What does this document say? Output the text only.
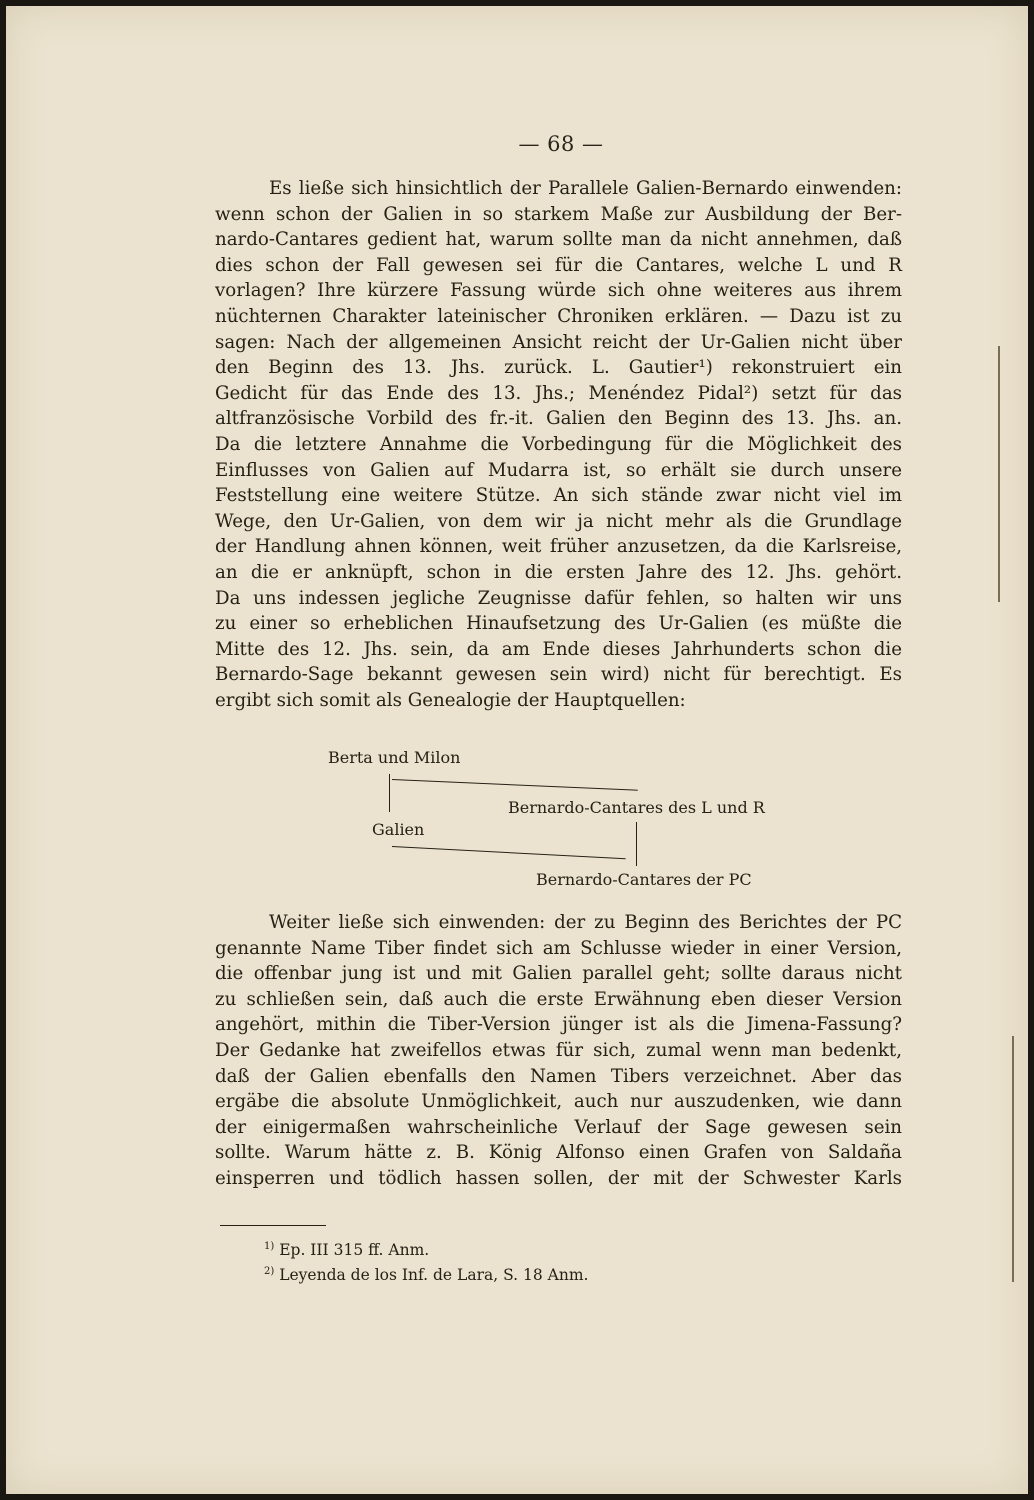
— 68 —
Es ließe sich hinsichtlich der Parallele Galien-Bernardo einwenden:
wenn schon der Galien in so starkem Maße zur Ausbildung der Ber-
nardo-Cantares gedient hat, warum sollte man da nicht annehmen, daß
dies schon der Fall gewesen sei für die Cantares, welche L und R
vorlagen? Ihre kürzere Fassung würde sich ohne weiteres aus ihrem
nüchternen Charakter lateinischer Chroniken erklären. — Dazu ist zu
sagen: Nach der allgemeinen Ansicht reicht der Ur-Galien nicht über
den Beginn des 13. Jhs. zurück. L. Gautier¹) rekonstruiert ein
Gedicht für das Ende des 13. Jhs.; Menéndez Pidal²) setzt für das
altfranzösische Vorbild des fr.-it. Galien den Beginn des 13. Jhs. an.
Da die letztere Annahme die Vorbedingung für die Möglichkeit des
Einflusses von Galien auf Mudarra ist, so erhält sie durch unsere
Feststellung eine weitere Stütze. An sich stände zwar nicht viel im
Wege, den Ur-Galien, von dem wir ja nicht mehr als die Grundlage
der Handlung ahnen können, weit früher anzusetzen, da die Karlsreise,
an die er anknüpft, schon in die ersten Jahre des 12. Jhs. gehört.
Da uns indessen jegliche Zeugnisse dafür fehlen, so halten wir uns
zu einer so erheblichen Hinaufsetzung des Ur-Galien (es müßte die
Mitte des 12. Jhs. sein, da am Ende dieses Jahrhunderts schon die
Bernardo-Sage bekannt gewesen sein wird) nicht für berechtigt. Es
ergibt sich somit als Genealogie der Hauptquellen:
Berta und Milon
Bernardo-Cantares des L und R
Galien
Bernardo-Cantares der PC
Weiter ließe sich einwenden: der zu Beginn des Berichtes der PC
genannte Name Tiber findet sich am Schlusse wieder in einer Version,
die offenbar jung ist und mit Galien parallel geht; sollte daraus nicht
zu schließen sein, daß auch die erste Erwähnung eben dieser Version
angehört, mithin die Tiber-Version jünger ist als die Jimena-Fassung?
Der Gedanke hat zweifellos etwas für sich, zumal wenn man bedenkt,
daß der Galien ebenfalls den Namen Tibers verzeichnet. Aber das
ergäbe die absolute Unmöglichkeit, auch nur auszudenken, wie dann
der einigermaßen wahrscheinliche Verlauf der Sage gewesen sein
sollte. Warum hätte z. B. König Alfonso einen Grafen von Saldaña
einsperren und tödlich hassen sollen, der mit der Schwester Karls
$^{1)}$ Ep. III 315 ff. Anm.
$^{2)}$ Leyenda de los Inf. de Lara, S. 18 Anm.
